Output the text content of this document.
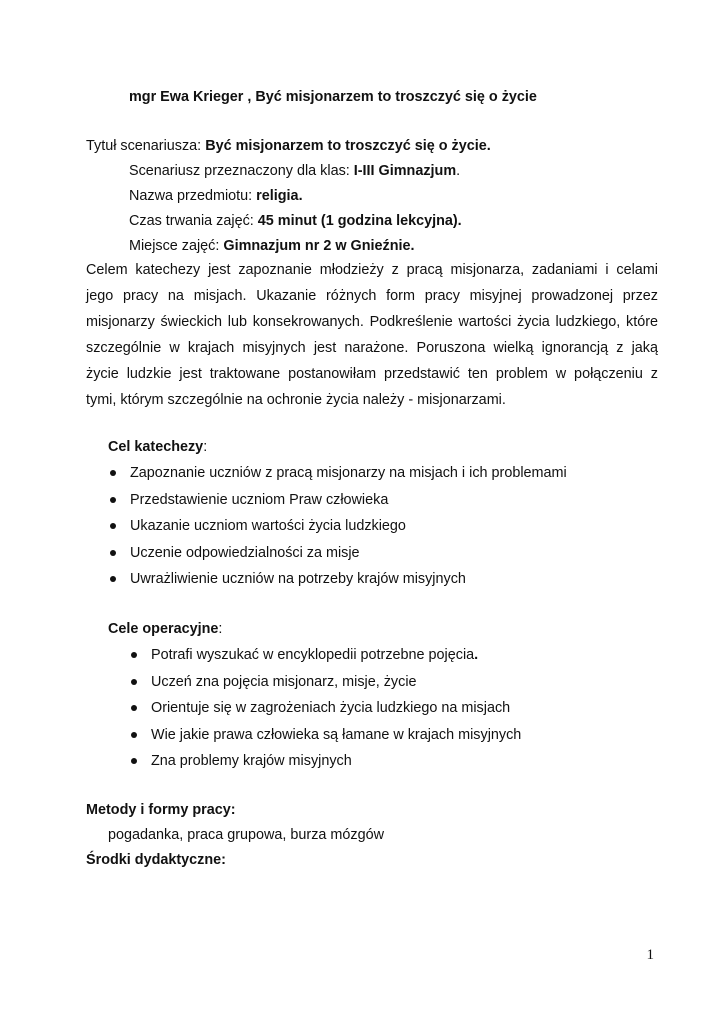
mgr Ewa Krieger , Być misjonarzem to troszczyć się o życie
Tytuł scenariusza: Być misjonarzem to troszczyć się o życie.
Scenariusz przeznaczony dla klas: I-III Gimnazjum.
Nazwa przedmiotu: religia.
Czas trwania zajęć: 45 minut (1 godzina lekcyjna).
Miejsce zajęć: Gimnazjum nr 2 w Gnieźnie.
Celem katechezy jest zapoznanie młodzieży z pracą misjonarza, zadaniami i celami
jego pracy na misjach. Ukazanie różnych form pracy misyjnej prowadzonej przez
misjonarzy świeckich lub konsekrowanych. Podkreślenie wartości życia ludzkiego, które
szczególnie w krajach misyjnych jest narażone. Poruszona wielką ignorancją z jaką
życie ludzkie jest traktowane postanowiłam przedstawić ten problem w połączeniu z
tymi, którym szczególnie na ochronie życia należy - misjonarzami.
Cel katechezy:
Zapoznanie uczniów z pracą misjonarzy na misjach i ich problemami
Przedstawienie uczniom Praw człowieka
Ukazanie uczniom wartości życia ludzkiego
Uczenie odpowiedzialności za misje
Uwrażliwienie uczniów na potrzeby krajów misyjnych
Cele operacyjne:
Potrafi wyszukać w encyklopedii potrzebne pojęcia.
Uczeń zna pojęcia misjonarz, misje, życie
Orientuje się w zagrożeniach życia ludzkiego na misjach
Wie jakie prawa człowieka są łamane w krajach misyjnych
Zna problemy krajów misyjnych
Metody i formy pracy:
pogadanka, praca grupowa, burza mózgów
Środki dydaktyczne:
1
